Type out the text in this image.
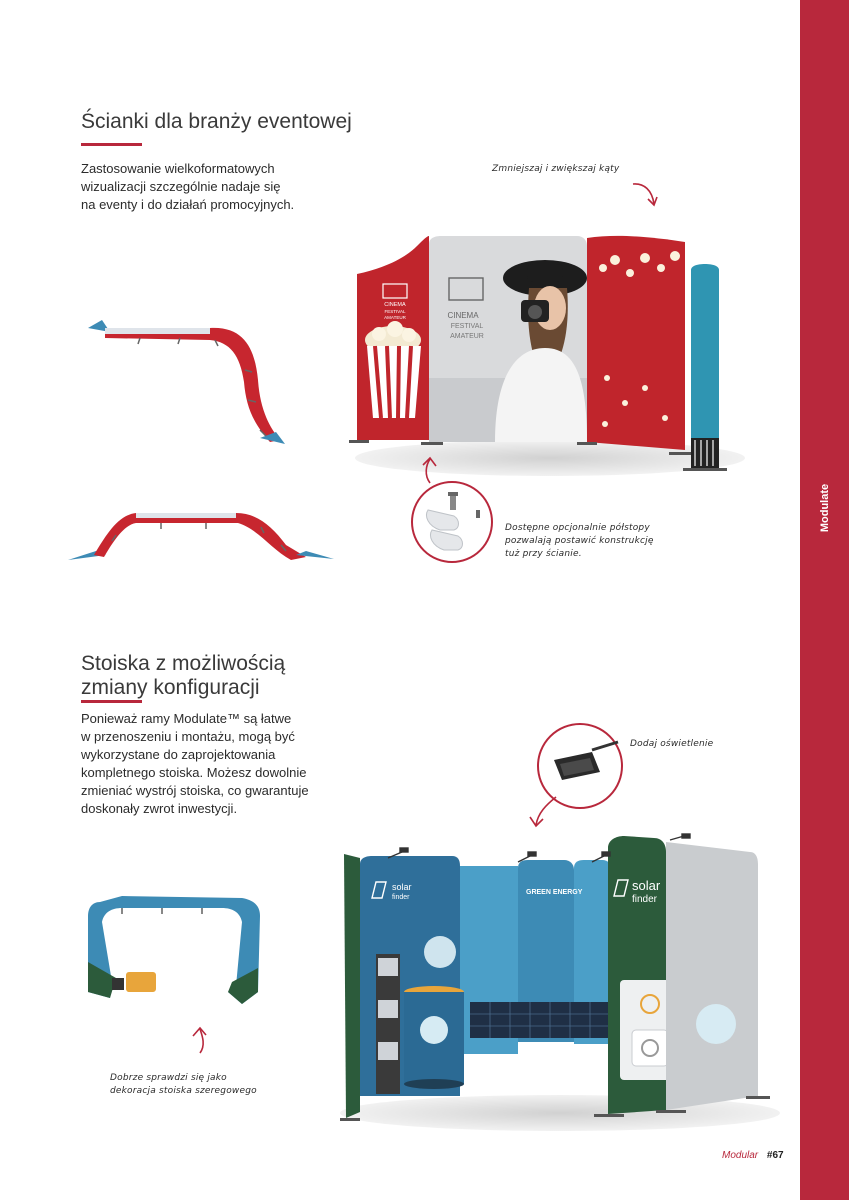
Modulate
Ścianki dla branży eventowej
Zastosowanie wielkoformatowych
wizualizacji szczególnie nadaje się
na eventy i do działań promocyjnych.
Zmniejszaj i zwiększaj kąty
CINEMA
FESTIVAL
AMATEUR	CINEMA
FESTIVAL
AMATEUR
Dostępne opcjonalnie półstopy
pozwalają postawić konstrukcję
tuż przy ścianie.
Stoiska z możliwością
zmiany konfiguracji
Ponieważ ramy Modulate™ są łatwe
w przenoszeniu i montażu, mogą być
wykorzystane do zaprojektowania
kompletnego stoiska. Możesz dowolnie
zmieniać wystrój stoiska, co gwarantuje
doskonały zwrot inwestycji.
Dodaj oświetlenie
Dobrze sprawdzi się jako
dekoracja stoiska szeregowego
solar
finder
GREEN ENERGY	solar
finder
Modular #67
